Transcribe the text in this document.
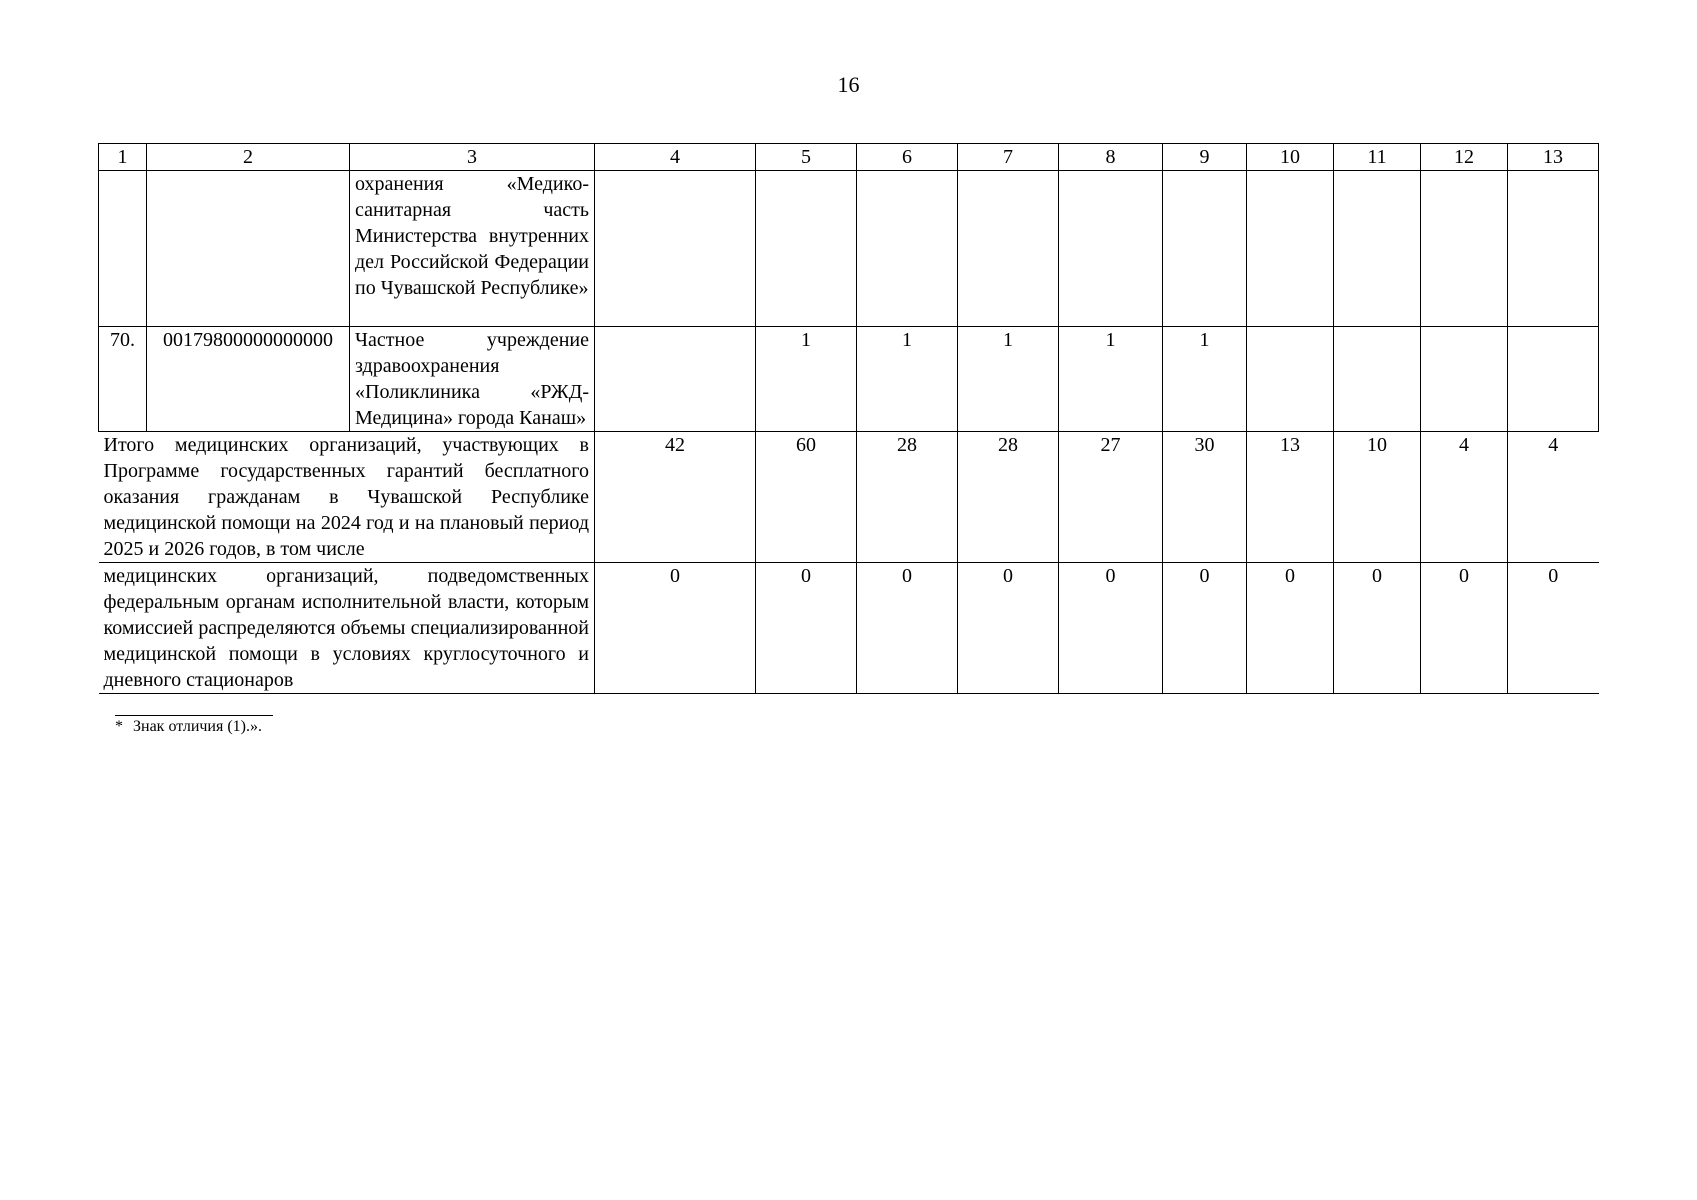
16
1	2	3	4	5	6	7	8	9	10	11	12	13
		охранения «Медико-санитарная часть Министерства внутренних дел Российской Федерации по Чувашской Республике»										
70.	00179800000000000	Частное учреждение здравоохранения «Поликлиника «РЖД-Медицина» города Канаш»		1	1	1	1	1				
Итого медицинских организаций, участвующих в Программе государственных гарантий бесплатного оказания гражданам в Чувашской Республике медицинской помощи на 2024 год и на плановый период 2025 и 2026 годов, в том числе			42	60	28	28	27	30	13	10	4	4
медицинских организаций, подведомственных федеральным органам исполнительной власти, которым комиссией распределяются объемы специализированной медицинской помощи в условиях круглосуточного и дневного стационаров			0	0	0	0	0	0	0	0	0	0
* Знак отличия (1).».
